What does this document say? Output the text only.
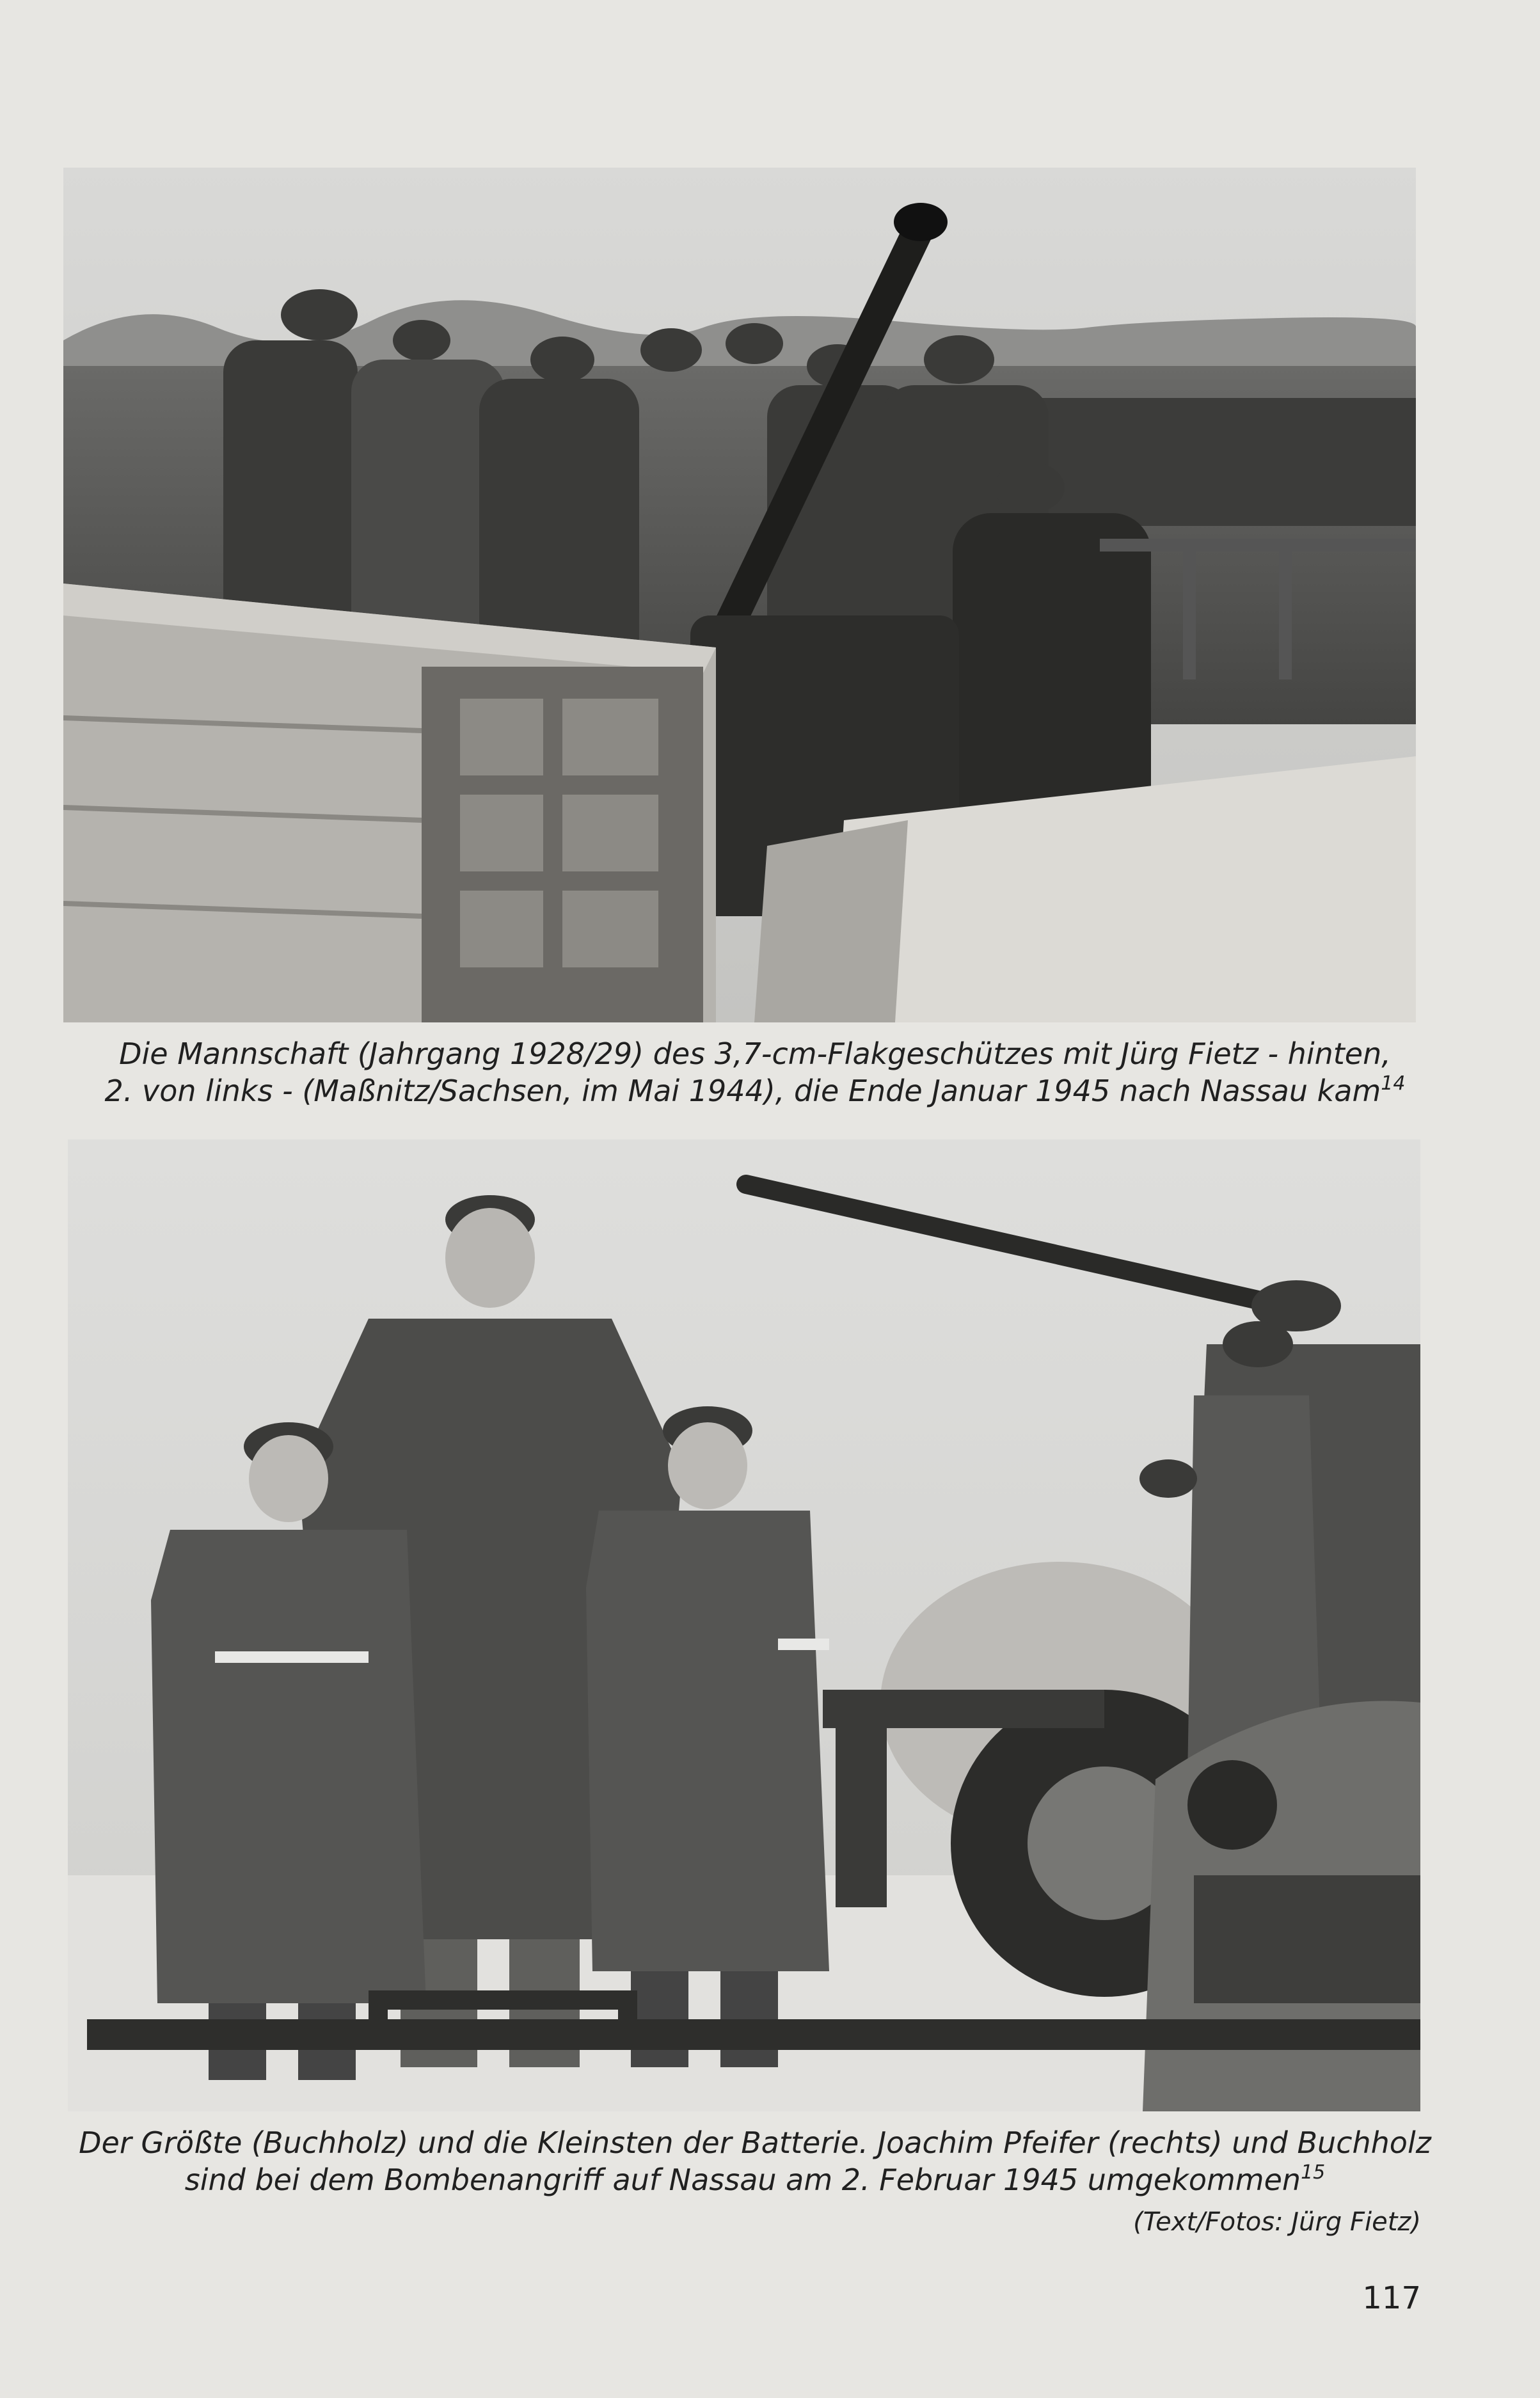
Die Mannschaft (Jahrgang 1928/29) des 3,7-cm-Flakgeschützes mit Jürg Fietz - hinten,

2. von links - (Maßnitz/Sachsen, im Mai 1944), die Ende Januar 1945 nach Nassau kam$^{14}$

Der Größte (Buchholz) und die Kleinsten der Batterie. Joachim Pfeifer (rechts) und Buchholz

sind bei dem Bombenangriff auf Nassau am 2. Februar 1945 umgekommen$^{15}$

(Text/Fotos: Jürg Fietz)
117
